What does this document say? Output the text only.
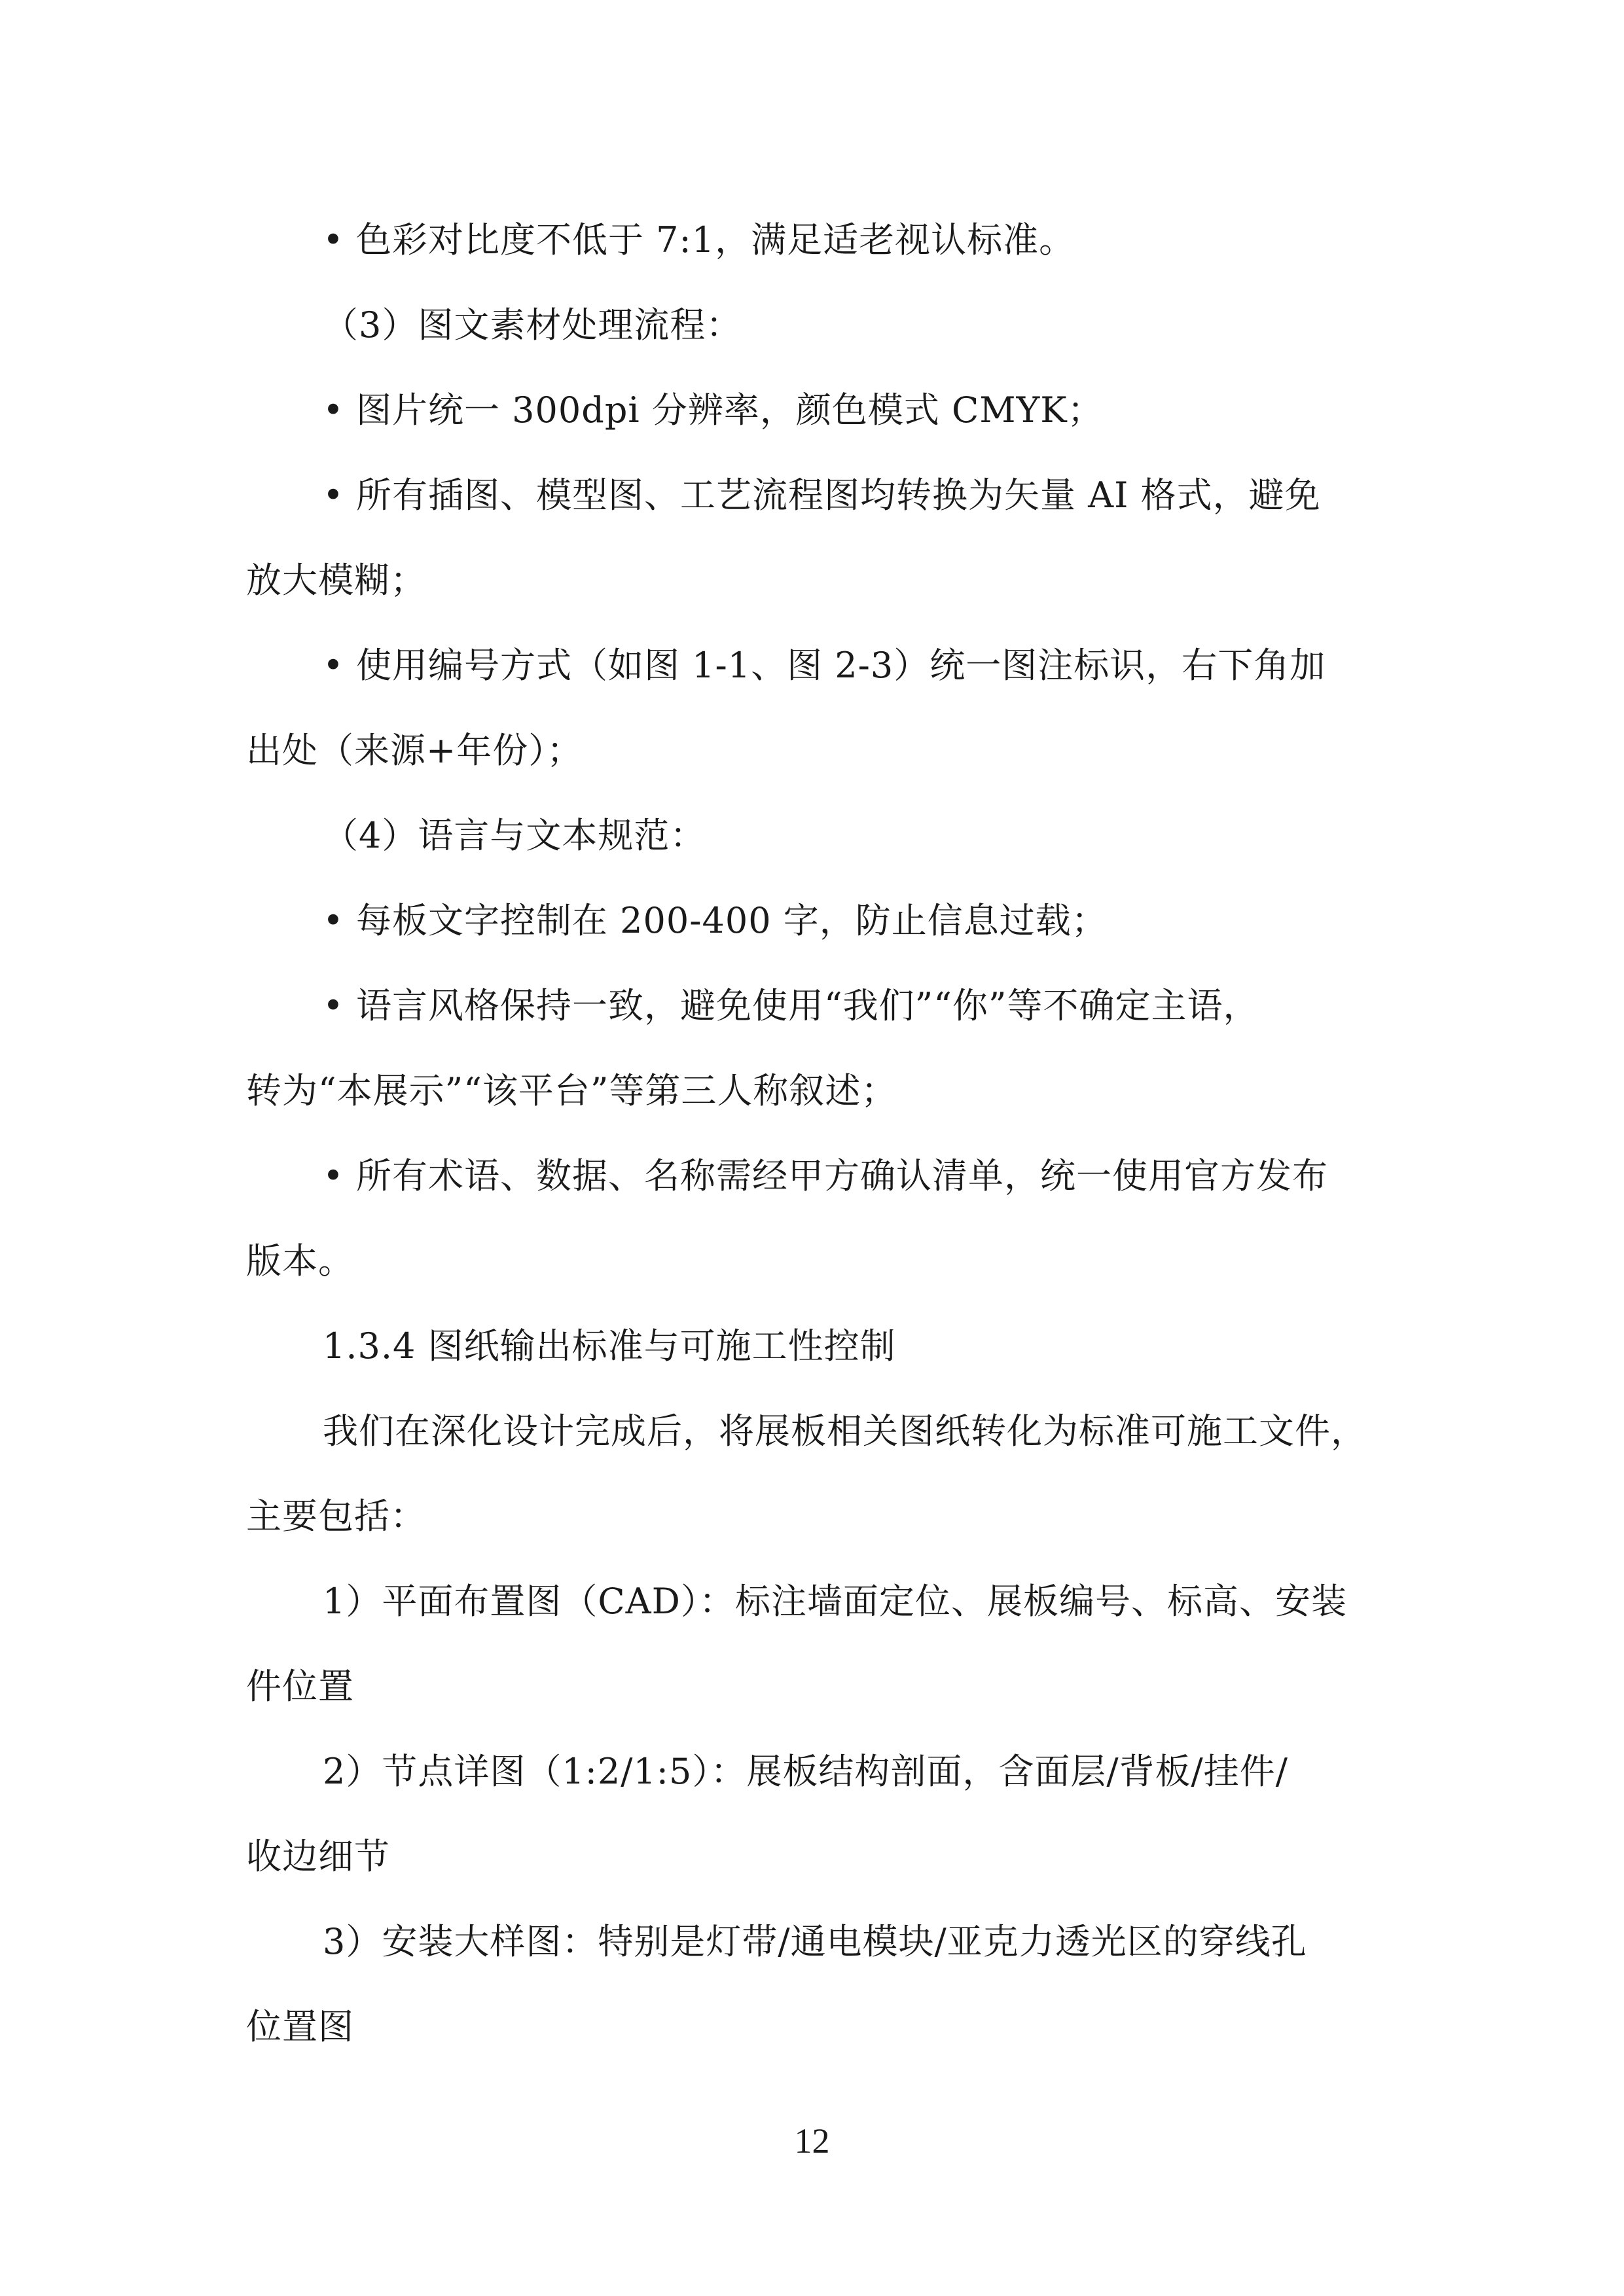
• 色彩对比度不低于 7:1，满足适老视认标准。
（3）图文素材处理流程：
• 图片统一 300dpi 分辨率，颜色模式 CMYK；
• 所有插图、模型图、工艺流程图均转换为矢量 AI 格式，避免
放大模糊；
• 使用编号方式（如图 1-1、图 2-3）统一图注标识，右下角加
出处（来源+年份）；
（4）语言与文本规范：
• 每板文字控制在 200-400 字，防止信息过载；
• 语言风格保持一致，避免使用“我们”“你”等不确定主语，
转为“本展示”“该平台”等第三人称叙述；
• 所有术语、数据、名称需经甲方确认清单，统一使用官方发布
版本。
1.3.4 图纸输出标准与可施工性控制
我们在深化设计完成后，将展板相关图纸转化为标准可施工文件，
主要包括：
1）平面布置图（CAD）：标注墙面定位、展板编号、标高、安装
件位置
2）节点详图（1:2/1:5）：展板结构剖面，含面层/背板/挂件/
收边细节
3）安装大样图：特别是灯带/通电模块/亚克力透光区的穿线孔
位置图
12
